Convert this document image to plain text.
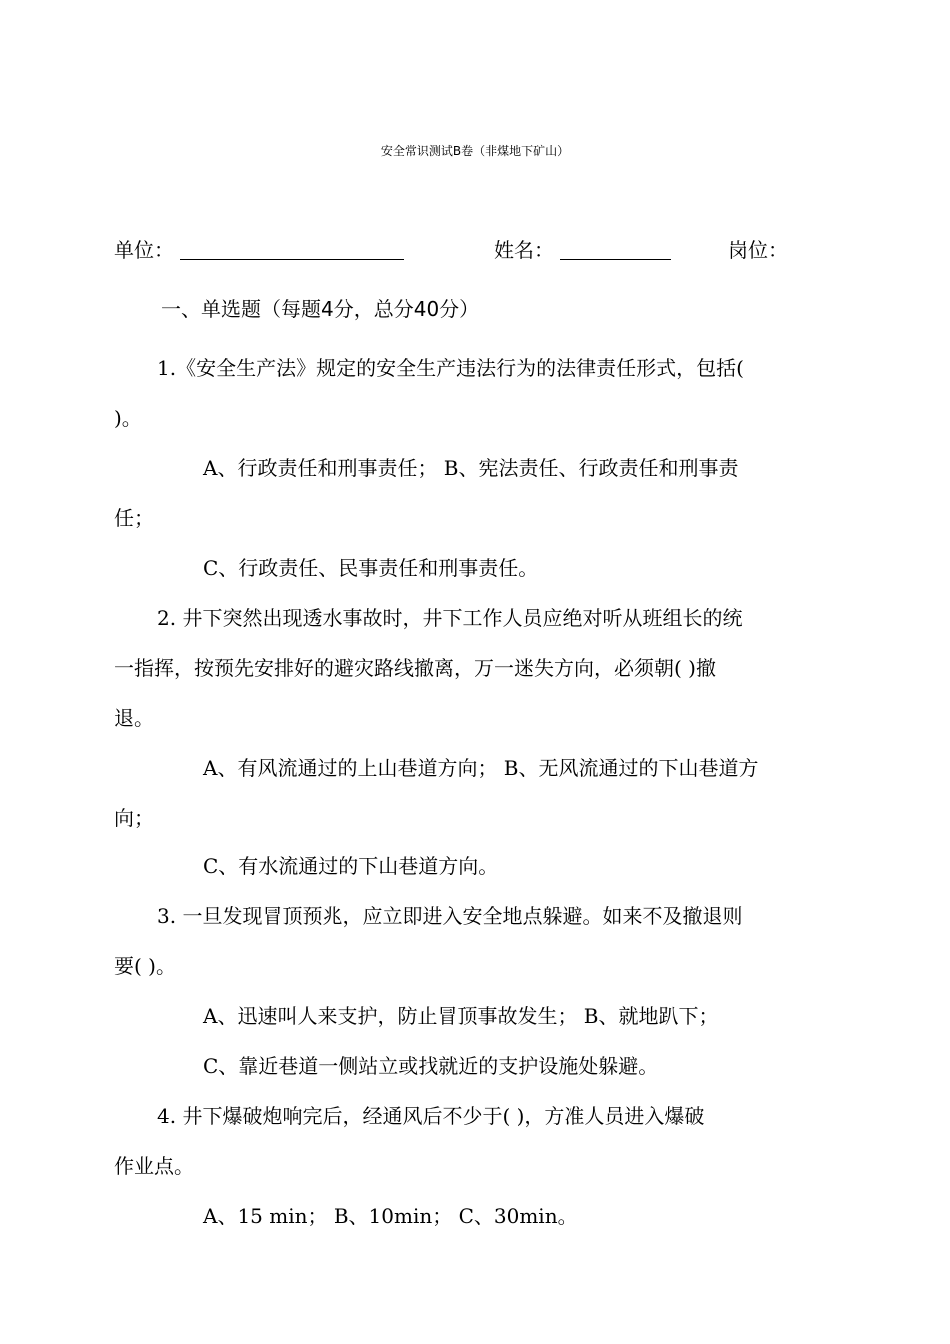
安全常识测试B卷（非煤地下矿山）
单位：	姓名：	岗位：
一、单选题（每题4分，总分40分）
1.《安全生产法》规定的安全生产违法行为的法律责任形式，包括(
)。
A、行政责任和刑事责任； B、宪法责任、行政责任和刑事责
任；
C、行政责任、民事责任和刑事责任。
2. 井下突然出现透水事故时，井下工作人员应绝对听从班组长的统
一指挥，按预先安排好的避灾路线撤离，万一迷失方向，必须朝( )撤
退。
A、有风流通过的上山巷道方向； B、无风流通过的下山巷道方
向；
C、有水流通过的下山巷道方向。
3. 一旦发现冒顶预兆，应立即进入安全地点躲避。如来不及撤退则
要( )。
A、迅速叫人来支护，防止冒顶事故发生； B、就地趴下；
C、靠近巷道一侧站立或找就近的支护设施处躲避。
4. 井下爆破炮响完后，经通风后不少于( )，方准人员进入爆破
作业点。
A、15 min； B、10min； C、30min。
